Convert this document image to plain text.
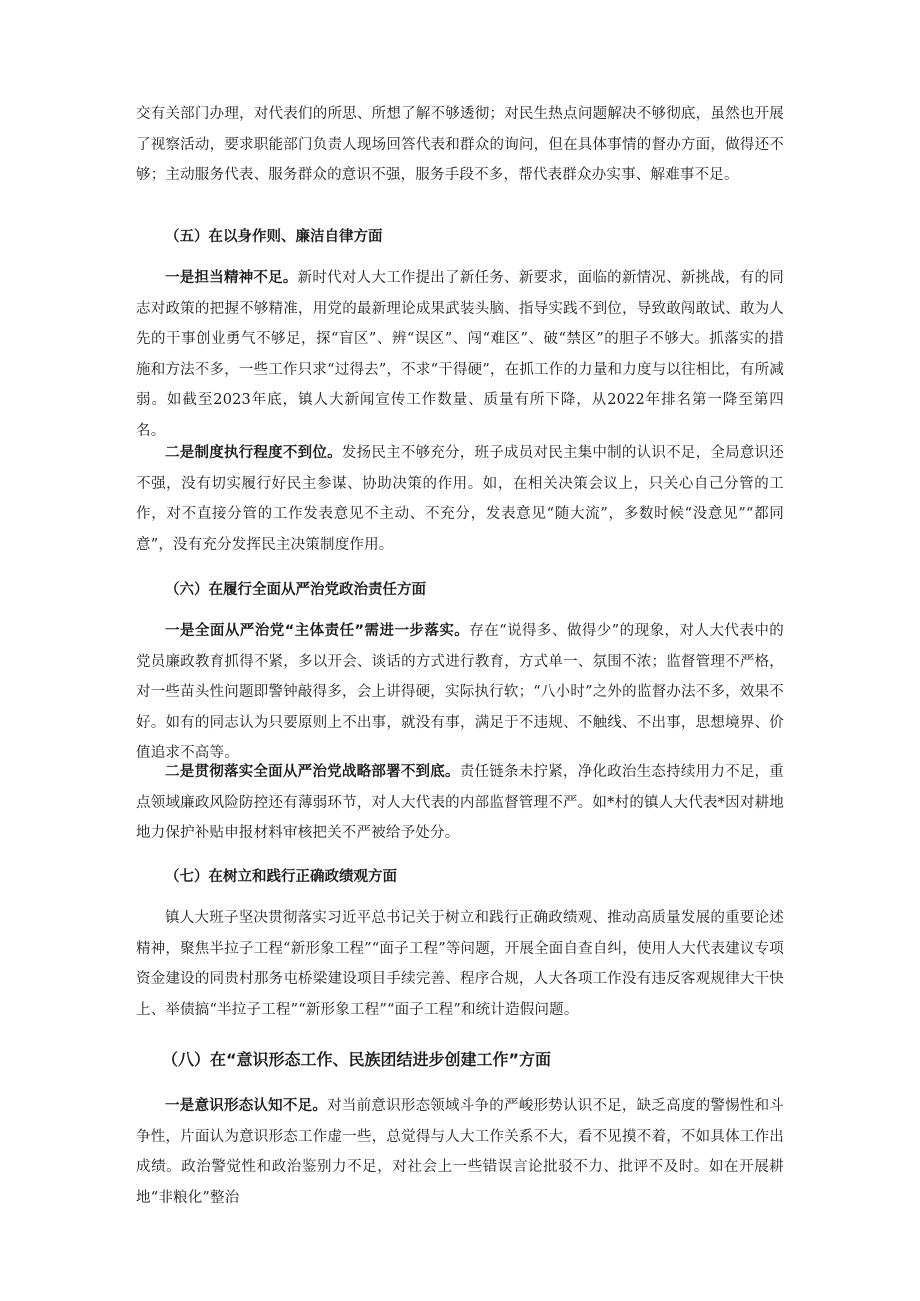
交有关部门办理，对代表们的所思、所想了解不够透彻；对民生热点问题解决不够彻底，虽然也开展了视察活动，要求职能部门负责人现场回答代表和群众的询问，但在具体事情的督办方面，做得还不够；主动服务代表、服务群众的意识不强，服务手段不多，帮代表群众办实事、解难事不足。

（五）在以身作则、廉洁自律方面

一是担当精神不足。新时代对人大工作提出了新任务、新要求，面临的新情况、新挑战，有的同志对政策的把握不够精准，用党的最新理论成果武装头脑、指导实践不到位，导致敢闯敢试、敢为人先的干事创业勇气不够足，探“盲区”、辨“误区”、闯“难区”、破“禁区”的胆子不够大。抓落实的措施和方法不多，一些工作只求“过得去”，不求“干得硬”，在抓工作的力量和力度与以往相比，有所减弱。如截至2023年底，镇人大新闻宣传工作数量、质量有所下降，从2022年排名第一降至第四名。

二是制度执行程度不到位。发扬民主不够充分，班子成员对民主集中制的认识不足，全局意识还不强，没有切实履行好民主参谋、协助决策的作用。如，在相关决策会议上，只关心自己分管的工作，对不直接分管的工作发表意见不主动、不充分，发表意见“随大流”，多数时候“没意见”“都同意”，没有充分发挥民主决策制度作用。

（六）在履行全面从严治党政治责任方面

一是全面从严治党“主体责任”需进一步落实。存在“说得多、做得少”的现象，对人大代表中的党员廉政教育抓得不紧，多以开会、谈话的方式进行教育，方式单一、氛围不浓；监督管理不严格，对一些苗头性问题即警钟敲得多，会上讲得硬，实际执行软；“八小时”之外的监督办法不多，效果不好。如有的同志认为只要原则上不出事，就没有事，满足于不违规、不触线、不出事，思想境界、价值追求不高等。

二是贯彻落实全面从严治党战略部署不到底。责任链条未拧紧，净化政治生态持续用力不足，重点领域廉政风险防控还有薄弱环节，对人大代表的内部监督管理不严。如*村的镇人大代表*因对耕地地力保护补贴申报材料审核把关不严被给予处分。

（七）在树立和践行正确政绩观方面

镇人大班子坚决贯彻落实习近平总书记关于树立和践行正确政绩观、推动高质量发展的重要论述精神，聚焦半拉子工程“新形象工程”“面子工程”等问题，开展全面自查自纠，使用人大代表建议专项资金建设的同贵村那务屯桥梁建设项目手续完善、程序合规，人大各项工作没有违反客观规律大干快上、举债搞“半拉子工程”“新形象工程”“面子工程”和统计造假问题。

（八）在“意识形态工作、民族团结进步创建工作”方面

一是意识形态认知不足。对当前意识形态领域斗争的严峻形势认识不足，缺乏高度的警惕性和斗争性，片面认为意识形态工作虚一些，总觉得与人大工作关系不大，看不见摸不着，不如具体工作出成绩。政治警觉性和政治鉴别力不足，对社会上一些错误言论批驳不力、批评不及时。如在开展耕地“非粮化”整治
